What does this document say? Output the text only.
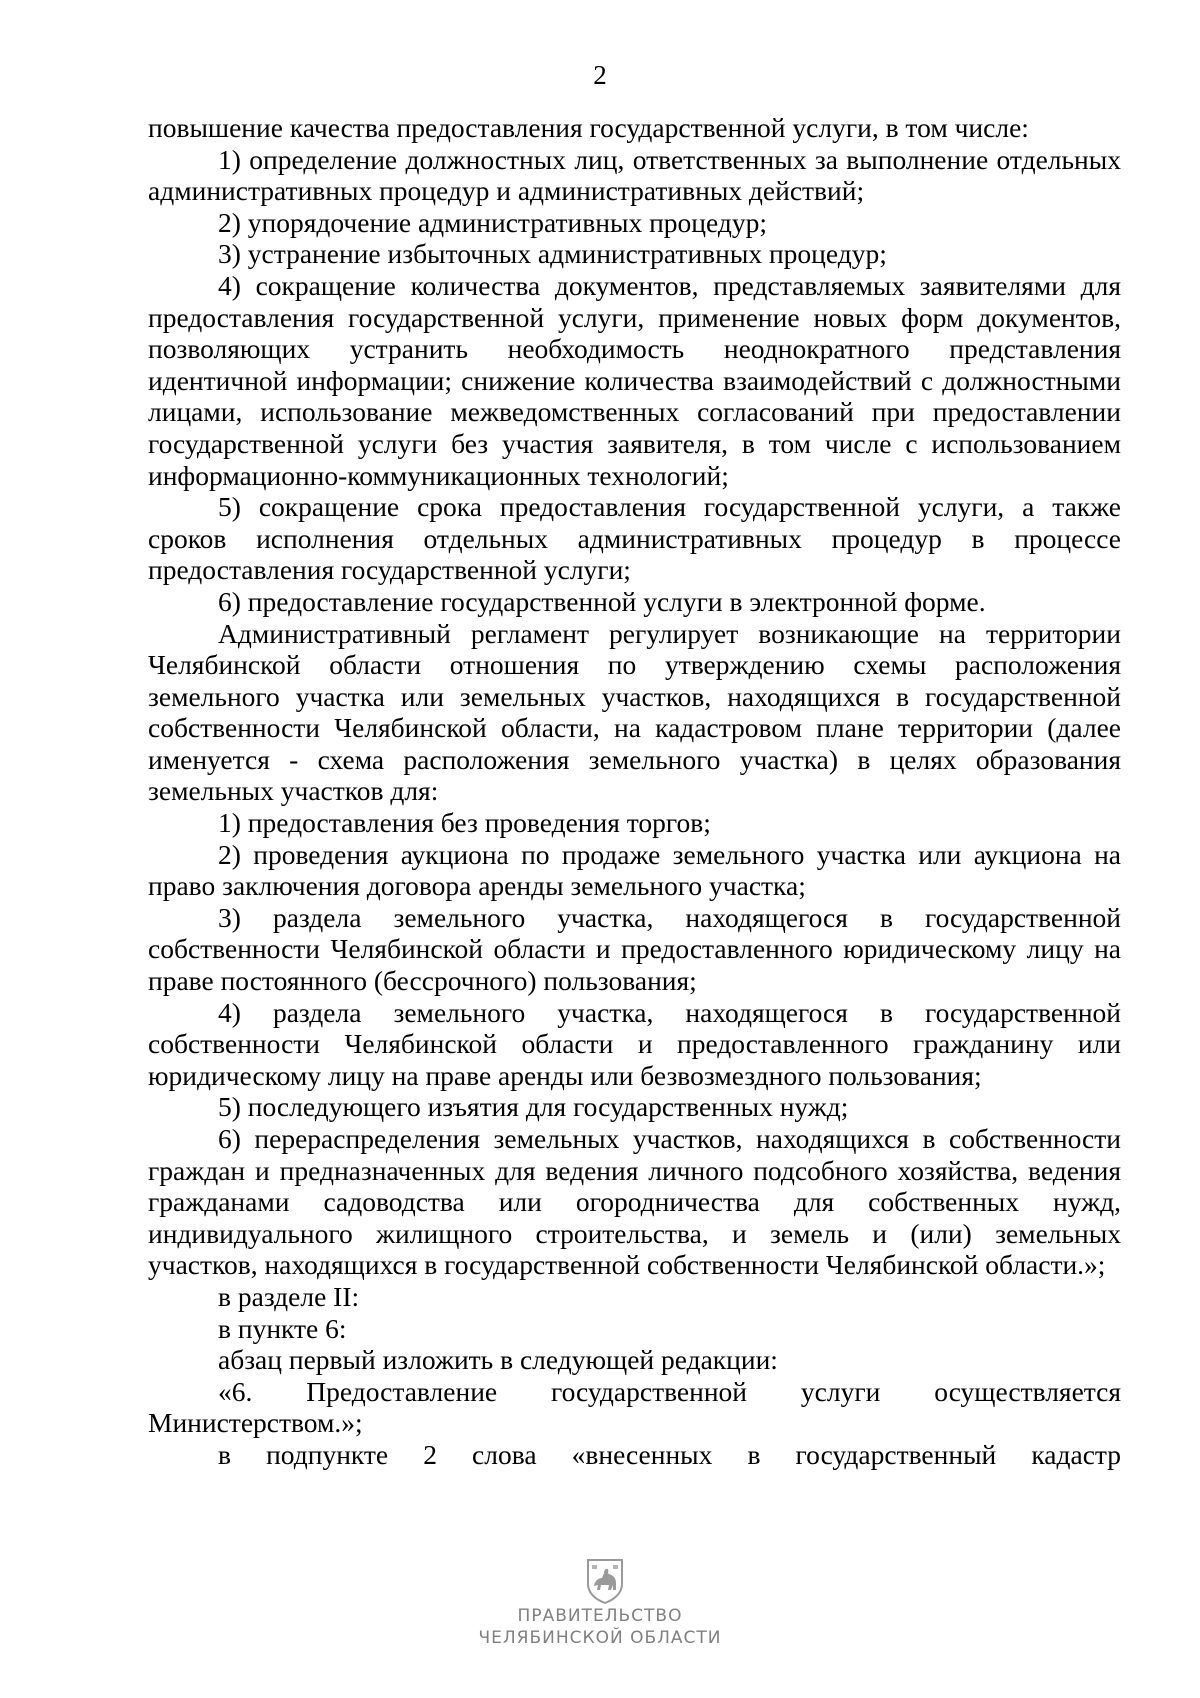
2

повышение качества предоставления государственной услуги, в том числе:

1) определение должностных лиц, ответственных за выполнение отдельных административных процедур и административных действий;

2) упорядочение административных процедур;

3) устранение избыточных административных процедур;

4) сокращение количества документов, представляемых заявителями для предоставления государственной услуги, применение новых форм документов, позволяющих устранить необходимость неоднократного представления идентичной информации; снижение количества взаимодействий с должностными лицами, использование межведомственных согласований при предоставлении государственной услуги без участия заявителя, в том числе с использованием информационно-коммуникационных технологий;

5) сокращение срока предоставления государственной услуги, а также сроков исполнения отдельных административных процедур в процессе предоставления государственной услуги;

6) предоставление государственной услуги в электронной форме.

Административный регламент регулирует возникающие на территории Челябинской области отношения по утверждению схемы расположения земельного участка или земельных участков, находящихся в государственной собственности Челябинской области, на кадастровом плане территории (далее именуется - схема расположения земельного участка) в целях образования земельных участков для:

1) предоставления без проведения торгов;

2) проведения аукциона по продаже земельного участка или аукциона на право заключения договора аренды земельного участка;

3) раздела земельного участка, находящегося в государственной собственности Челябинской области и предоставленного юридическому лицу на праве постоянного (бессрочного) пользования;

4) раздела земельного участка, находящегося в государственной собственности Челябинской области и предоставленного гражданину или юридическому лицу на праве аренды или безвозмездного пользования;

5) последующего изъятия для государственных нужд;

6) перераспределения земельных участков, находящихся в собственности граждан и предназначенных для ведения личного подсобного хозяйства, ведения гражданами садоводства или огородничества для собственных нужд, индивидуального жилищного строительства, и земель и (или) земельных участков, находящихся в государственной собственности Челябинской области.»;

в разделе II:

в пункте 6:

абзац первый изложить в следующей редакции:

«6. Предоставление государственной услуги осуществляется Министерством.»;

в подпункте 2 слова «внесенных в государственный кадастр

ПРАВИТЕЛЬСТВО
ЧЕЛЯБИНСКОЙ ОБЛАСТИ
